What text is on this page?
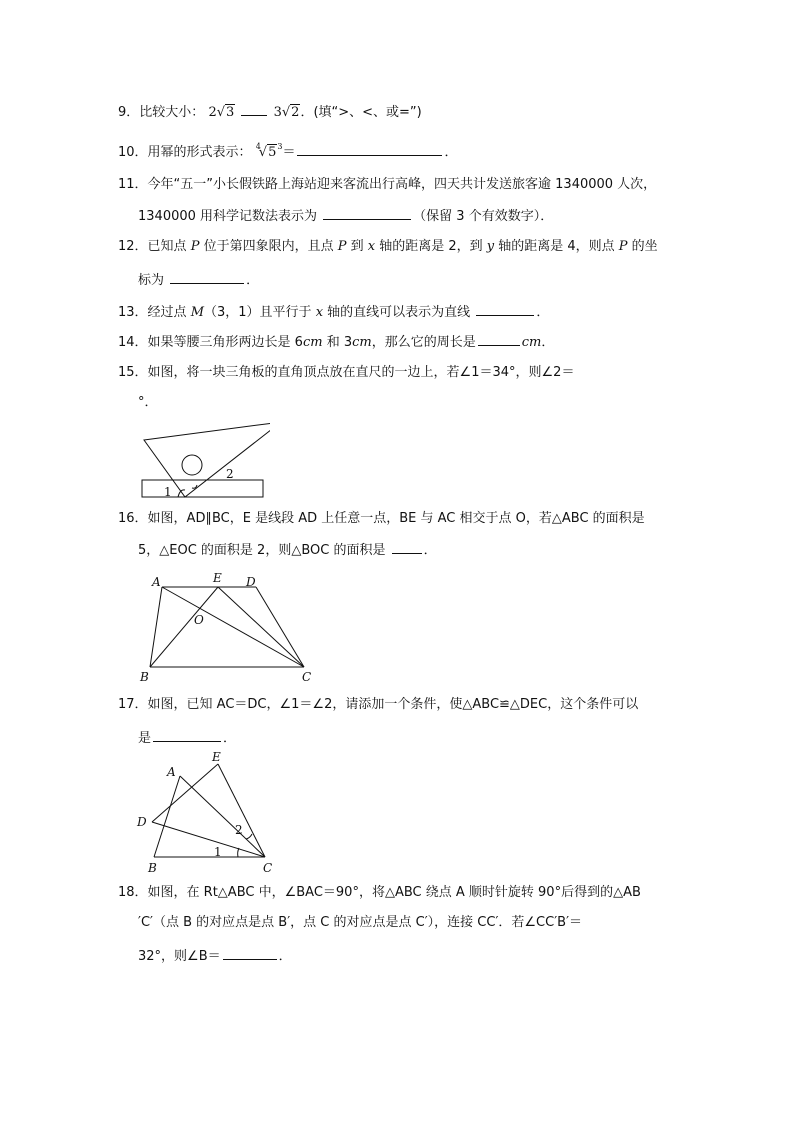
9．比较大小： 2√3	3√2．(填“>、<、或=”)
10．用幂的形式表示： $^4√5^3=$	．
11．今年“五一”小长假铁路上海站迎来客流出行高峰，四天共计发送旅客逾 1340000 人次，
1340000 用科学记数法表示为	（保留 3 个有效数字）．
12．已知点 P 位于第四象限内，且点 P 到 x 轴的距离是 2，到 y 轴的距离是 4，则点 P 的坐
标为	．
13．经过点 M（3，1）且平行于 x 轴的直线可以表示为直线	．
14．如果等腰三角形两边长是 6cm 和 3cm，那么它的周长是	cm．
15．如图，将一块三角板的直角顶点放在直尺的一边上，若∠1＝34°，则∠2＝
°．
1
2
16．如图，AD∥BC，E 是线段 AD 上任意一点，BE 与 AC 相交于点 O，若△ABC 的面积是
5，△EOC 的面积是 2，则△BOC 的面积是	．
A	E D
O
B	C
17．如图，已知 AC＝DC，∠1＝∠2，请添加一个条件，使△ABC≌△DEC，这个条件可以
是	．
A
E
D
B	C
1
2
18．如图，在 Rt△ABC 中，∠BAC＝90°，将△ABC 绕点 A 顺时针旋转 90°后得到的△AB
′C′（点 B 的对应点是点 B′，点 C 的对应点是点 C′），连接 CC′．若∠CC′B′＝
32°，则∠B＝	．
